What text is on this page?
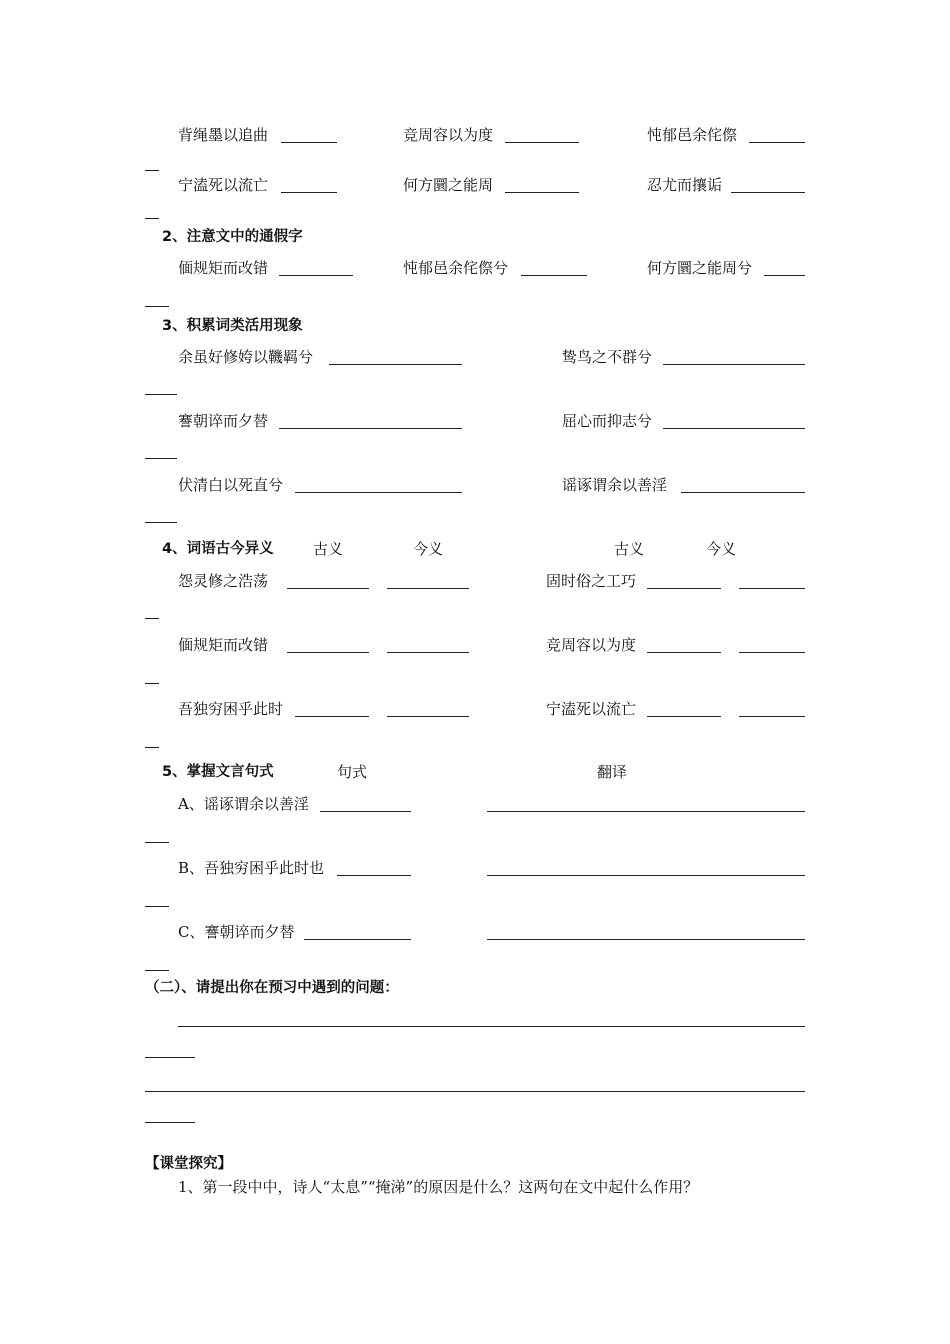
背绳墨以追曲	竞周容以为度	忳郁邑余侘傺
宁溘死以流亡	何方圜之能周	忍尤而攘诟
2、注意文中的通假字
偭规矩而改错	忳郁邑余侘傺兮	何方圜之能周兮
3、积累词类活用现象
余虽好修姱以鞿羁兮	鸷鸟之不群兮
謇朝谇而夕替	屈心而抑志兮
伏清白以死直兮	谣诼谓余以善淫
4、词语古今异义	古义	今义	古义	今义
怨灵修之浩荡	固时俗之工巧
偭规矩而改错	竞周容以为度
吾独穷困乎此时	宁溘死以流亡
5、掌握文言句式	句式	翻译
A、谣诼谓余以善淫
B、吾独穷困乎此时也
C、謇朝谇而夕替
（二）、请提出你在预习中遇到的问题：
【课堂探究】
1、第一段中中，诗人“太息”“掩涕”的原因是什么？这两句在文中起什么作用？
